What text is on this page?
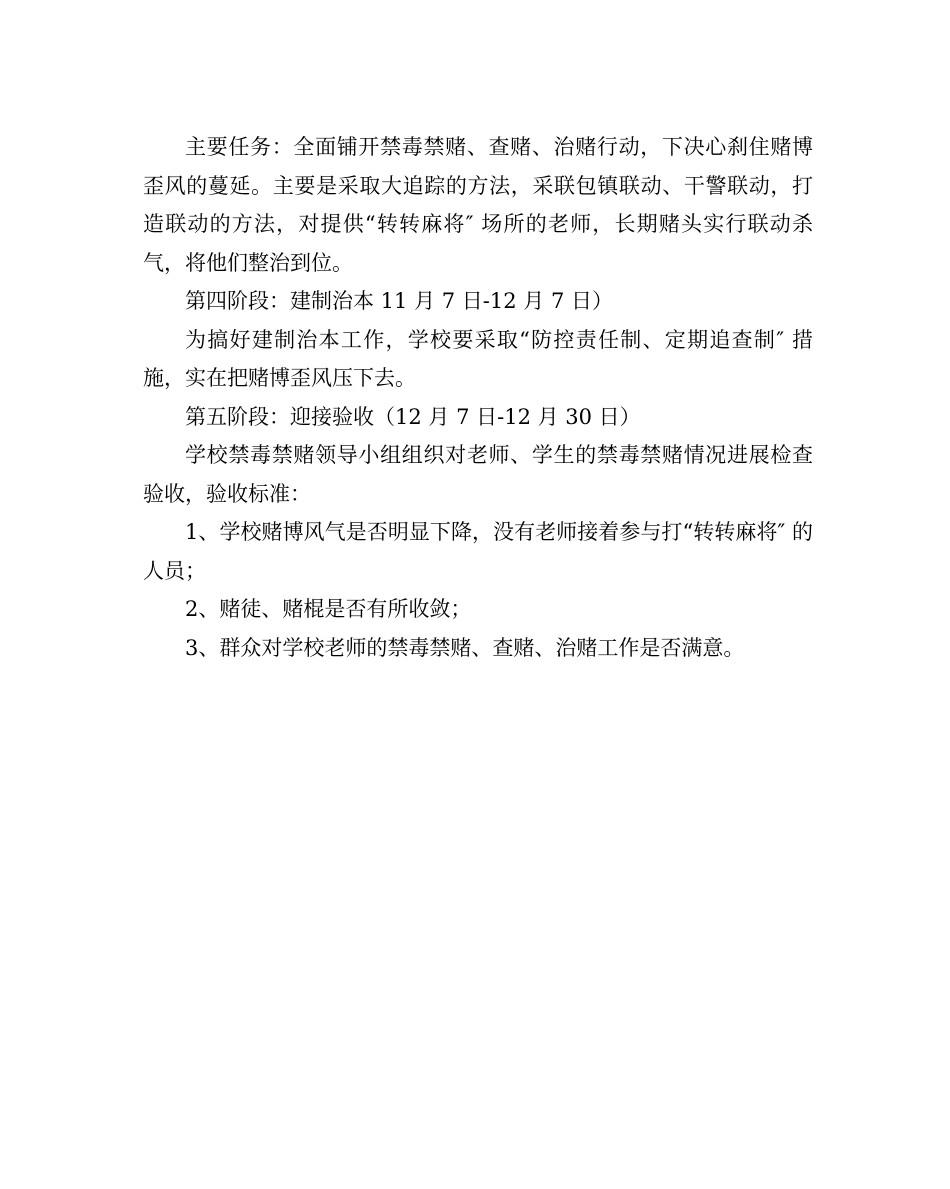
主要任务：全面铺开禁毒禁赌、查赌、治赌行动，下决心刹住赌博歪风的蔓延。主要是采取大追踪的方法，采联包镇联动、干警联动，打造联动的方法，对提供“转转麻将″ 场所的老师，长期赌头实行联动杀气，将他们整治到位。

第四阶段：建制治本 11 月 7 日-12 月 7 日）

为搞好建制治本工作，学校要采取“防控责任制、定期追查制″ 措施，实在把赌博歪风压下去。

第五阶段：迎接验收（12 月 7 日-12 月 30 日）

学校禁毒禁赌领导小组组织对老师、学生的禁毒禁赌情况进展检查验收，验收标准：

1、学校赌博风气是否明显下降，没有老师接着参与打“转转麻将″ 的人员；

2、赌徒、赌棍是否有所收敛；

3、群众对学校老师的禁毒禁赌、查赌、治赌工作是否满意。
